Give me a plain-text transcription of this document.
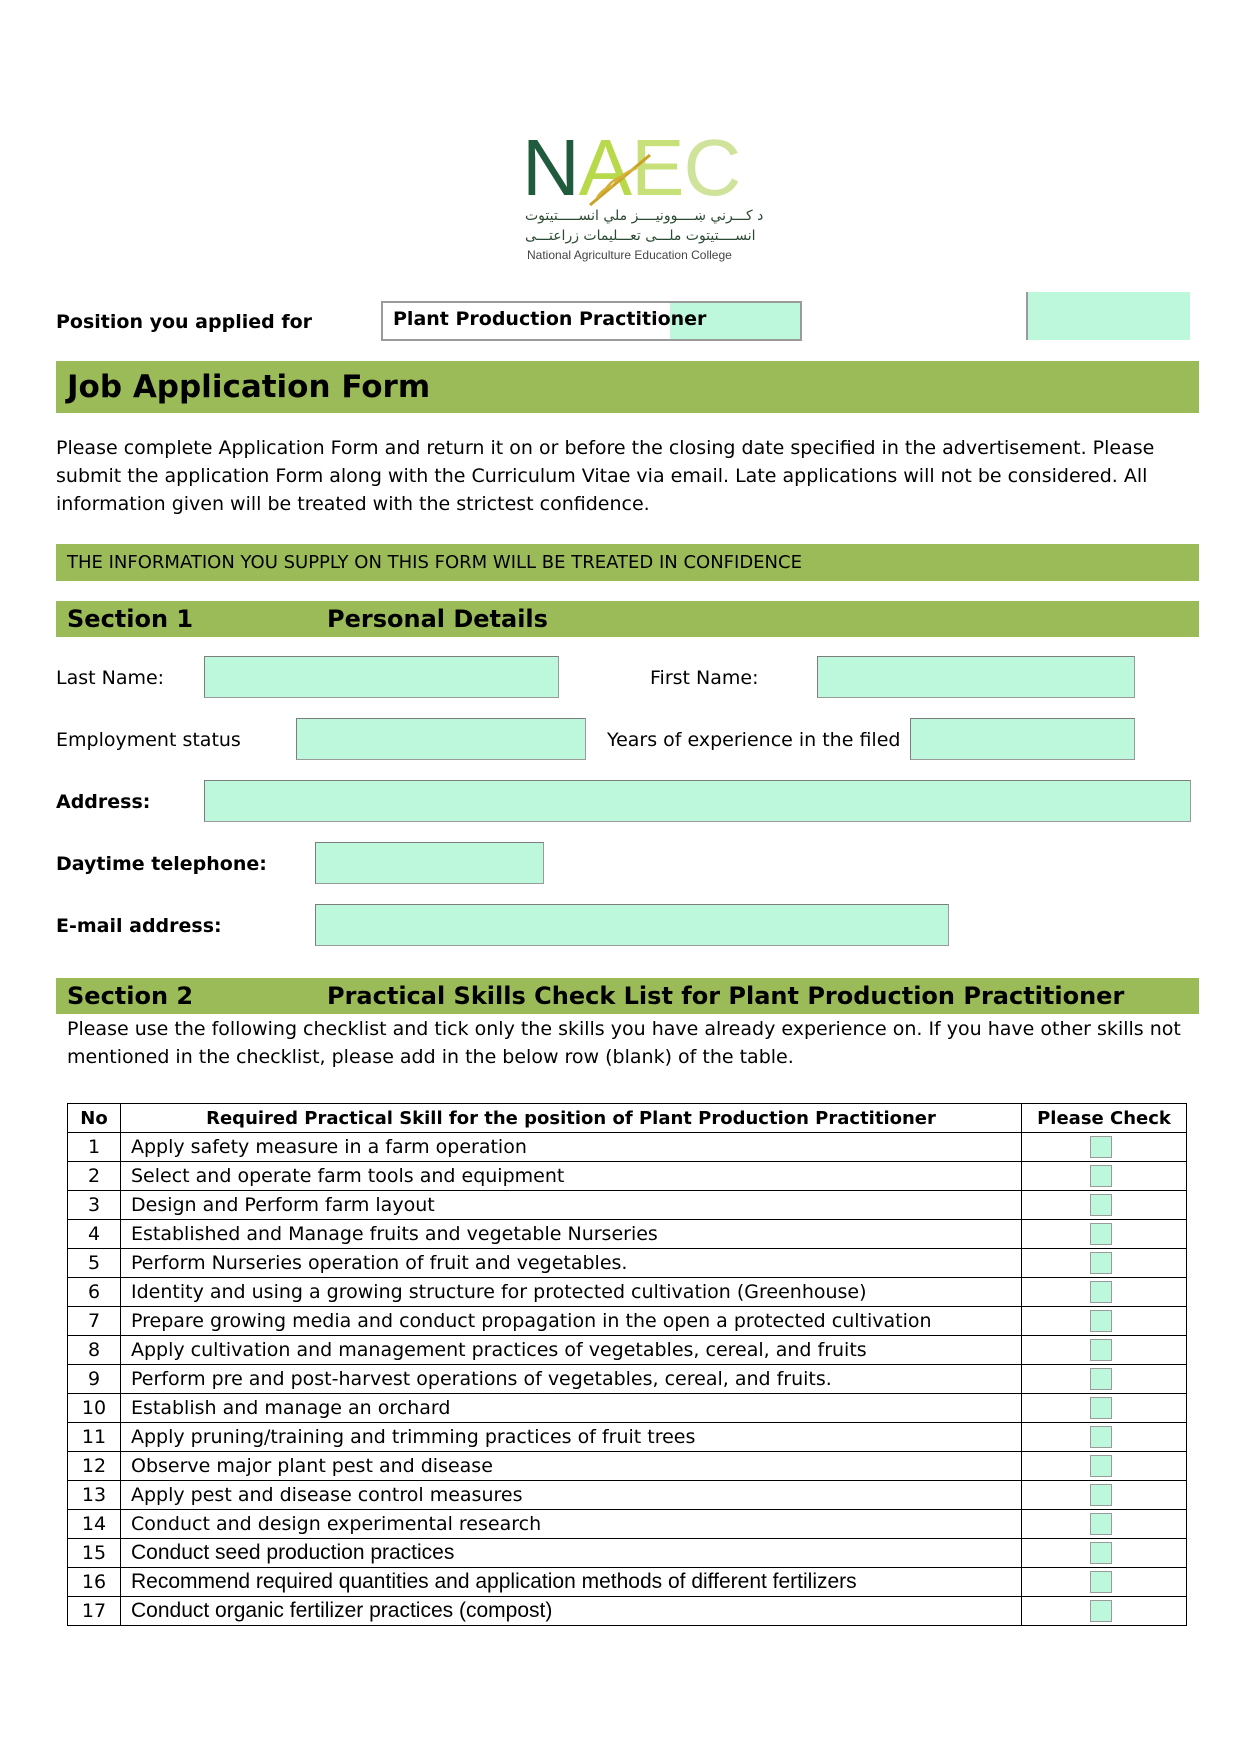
NAEC
د کـــرني ښــــوونيــــز ملي انســـــتيتوت
انســــتیتوت ملـــی تعـــلیمات زراعتـــی
National Agriculture Education College
Position you applied for	Plant Production Practitioner
Job Application Form
Please complete Application Form and return it on or before the closing date specified in the advertisement. Please submit the application Form along with the Curriculum Vitae via email. Late applications will not be considered. All information given will be treated with the strictest confidence.
THE INFORMATION YOU SUPPLY ON THIS FORM WILL BE TREATED IN CONFIDENCE
Section 1	Personal Details
Last Name:	First Name:
Employment status	Years of experience in the filed
Address:
Daytime telephone:
E-mail address:
Section 2	Practical Skills Check List for Plant Production Practitioner
Please use the following checklist and tick only the skills you have already experience on. If you have other skills not mentioned in the checklist, please add in the below row (blank) of the table.
No	Required Practical Skill for the position of Plant Production Practitioner	Please Check
1	Apply safety measure in a farm operation	

2	Select and operate farm tools and equipment	

3	Design and Perform farm layout	

4	Established and Manage fruits and vegetable Nurseries	

5	Perform Nurseries operation of fruit and vegetables.	

6	Identity and using a growing structure for protected cultivation (Greenhouse)	

7	Prepare growing media and conduct propagation in the open a protected cultivation	

8	Apply cultivation and management practices of vegetables, cereal, and fruits	

9	Perform pre and post-harvest operations of vegetables, cereal, and fruits.	

10	Establish and manage an orchard	

11	Apply pruning/training and trimming practices of fruit trees	

12	Observe major plant pest and disease	

13	Apply pest and disease control measures	

14	Conduct and design experimental research	

15	Conduct seed production practices	

16	Recommend required quantities and application methods of different fertilizers	

17	Conduct organic fertilizer practices (compost)	
